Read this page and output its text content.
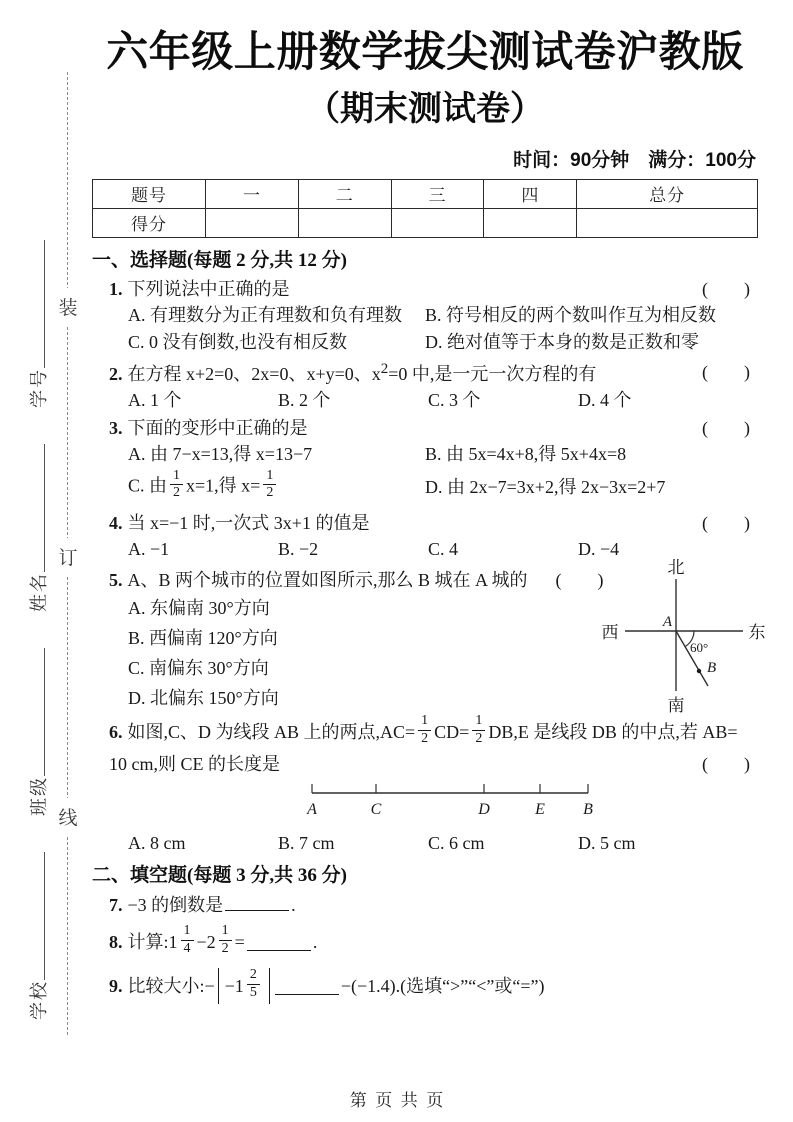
装
订
线
学校
班级
姓名
学号
六年级上册数学拔尖测试卷沪教版
（期末测试卷）
时间：90分钟　满分：100分
题号	一	二	三	四	总分
得分					
一、选择题(每题 2 分,共 12 分)
1. 下列说法中正确的是	(　　)
A. 有理数分为正有理数和负有理数	B. 符号相反的两个数叫作互为相反数
C. 0 没有倒数,也没有相反数	D. 绝对值等于本身的数是正数和零
2. 在方程 x+2=0、2x=0、x+y=0、$x^2=0$ 中,是一元一次方程的有	(　　)
A. 1 个	B. 2 个	C. 3 个	D. 4 个
3. 下面的变形中正确的是	(　　)
A. 由 7−x=13,得 x=13−7	B. 由 5x=4x+8,得 5x+4x=8
C. 由 $\frac{1}{2} x=1$,得 $x= \frac{1}{2}$	D. 由 2x−7=3x+2,得 2x−3x=2+7
4. 当 x=−1 时,一次式 3x+1 的值是	(　　)
A. −1	B. −2	C. 4	D. −4
5. A、B 两个城市的位置如图所示,那么 B 城在 A 城的 (　　)
A. 东偏南 30°方向
B. 西偏南 120°方向
C. 南偏东 30°方向
D. 北偏东 150°方向
北
南
西	东
A
B
60°
6. 如图,C、D 为线段 AB 上的两点$,AC= \frac{1}{2} CD= \frac{1}{2} DB,E$ 是线段 DB 的中点,若 AB=
10 cm,则 CE 的长度是	(　　)
A	C	D	E B
A. 8 cm	B. 7 cm	C. 6 cm	D. 5 cm
二、填空题(每题 3 分,共 36 分)
7. −3 的倒数是	.
8. 计算:1 $\frac{1}{4} -2 \frac{1}{2}$ =	.
9. 比较大小:− $-1 \frac{2}{5}$	−(−1.4).(选填“>”“<”或“=”)
第  页  共  页
